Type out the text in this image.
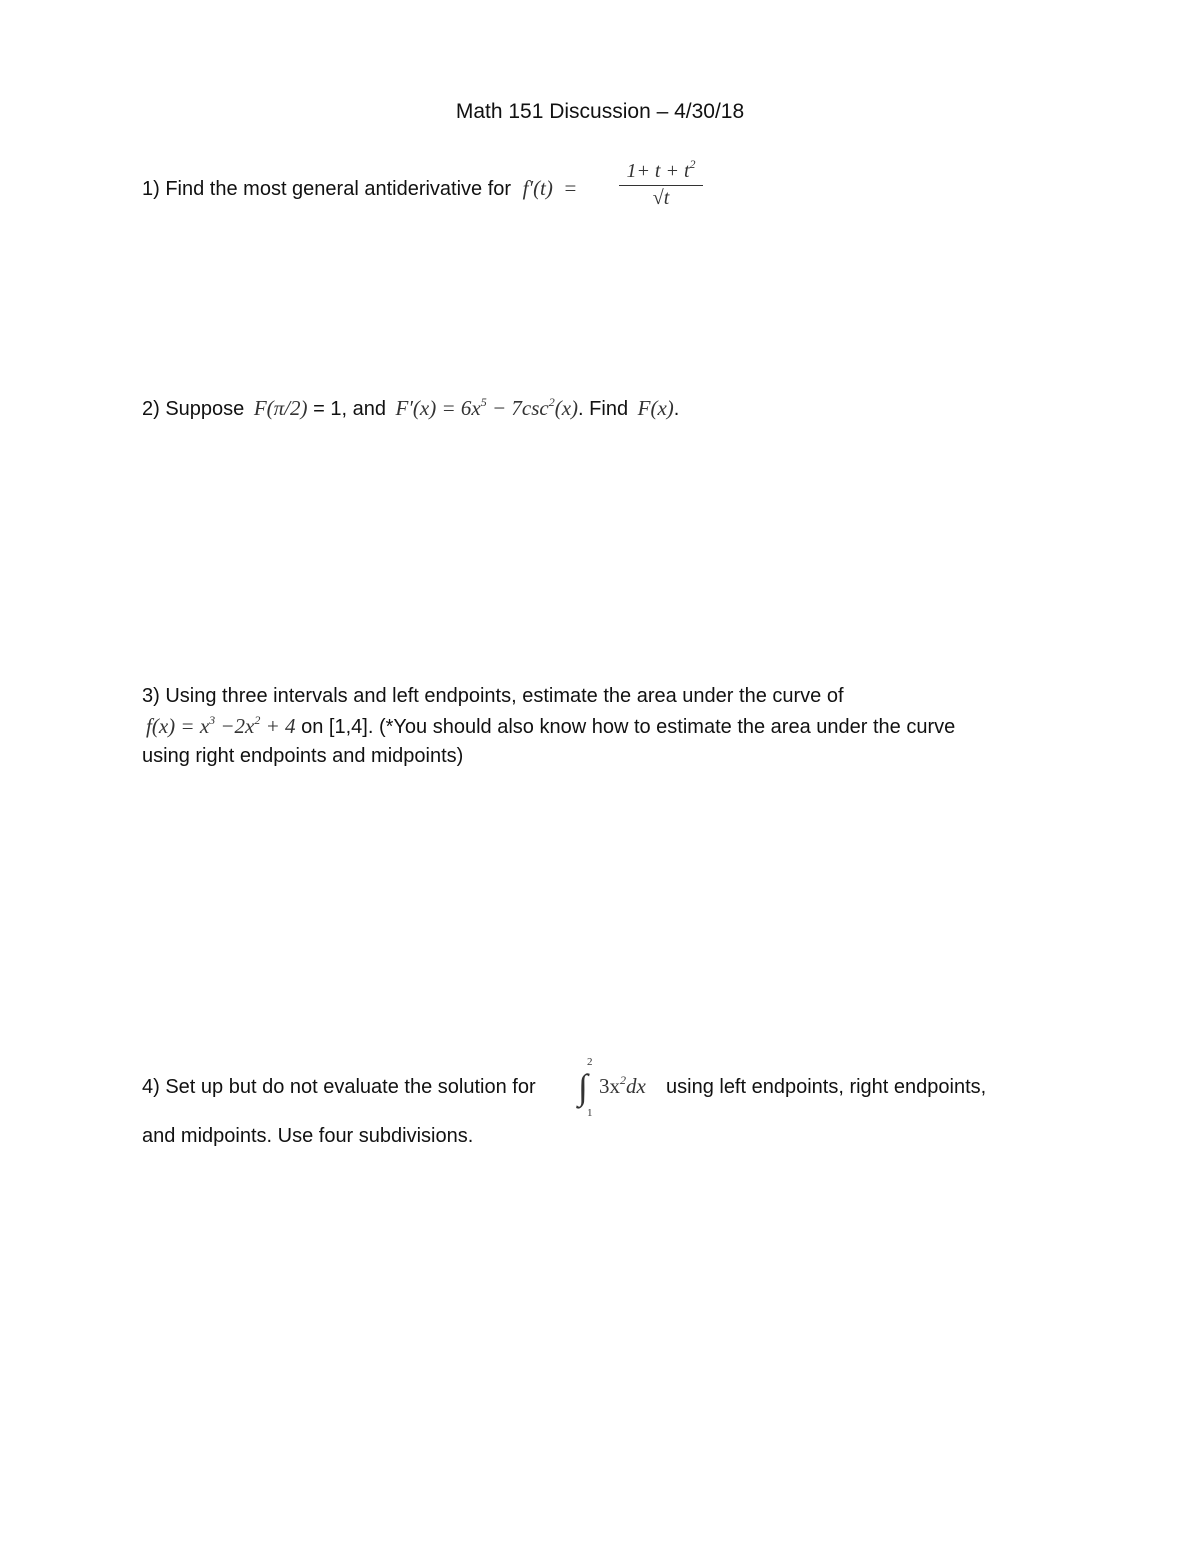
Math 151 Discussion – 4/30/18
1) Find the most general antiderivative for f′(t) =
$1+ t + t^2$
√t
2) Suppose F(π/2) = 1, and $F'(x) = 6x^5 - 7\csc^2(x)$. Find F(x).
3) Using three intervals and left endpoints, estimate the area under the curve of
$f(x) = x^3 -2x^2 + 4$ on [1,4]. (*You should also know how to estimate the area under the curve
using right endpoints and midpoints)
4) Set up but do not evaluate the solution for
2
∫
1
$3x^2dx$ using left endpoints, right endpoints,
and midpoints. Use four subdivisions.
